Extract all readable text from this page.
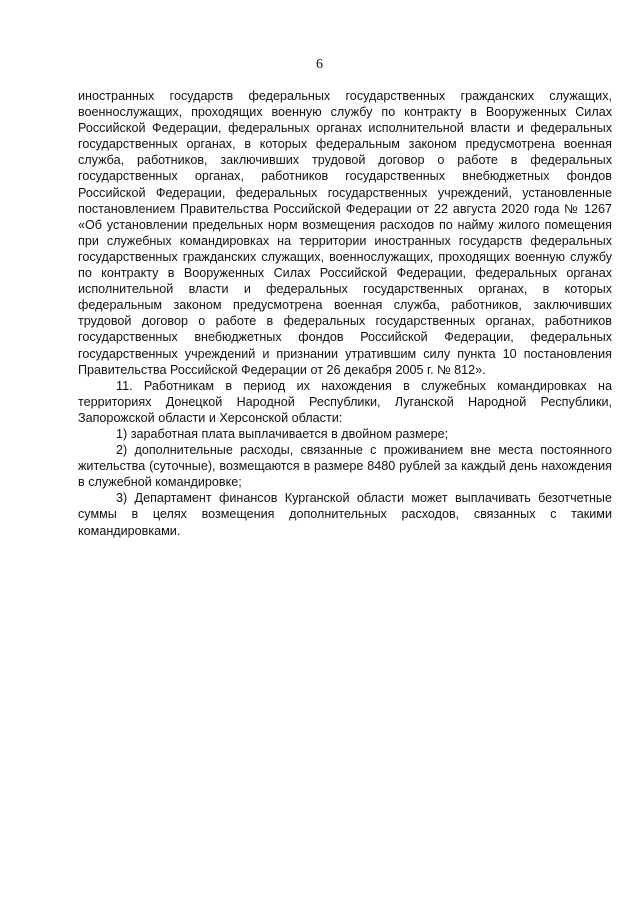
6

иностранных государств федеральных государственных гражданских служащих, военнослужащих, проходящих военную службу по контракту в Вооруженных Силах Российской Федерации, федеральных органах исполнительной власти и федеральных государственных органах, в которых федеральным законом предусмотрена военная служба, работников, заключивших трудовой договор о работе в федеральных государственных органах, работников государственных внебюджетных фондов Российской Федерации, федеральных государственных учреждений, установленные постановлением Правительства Российской Федерации от 22 августа 2020 года № 1267 «Об установлении предельных норм возмещения расходов по найму жилого помещения при служебных командировках на территории иностранных государств федеральных государственных гражданских служащих, военнослужащих, проходящих военную службу по контракту в Вооруженных Силах Российской Федерации, федеральных органах исполнительной власти и федеральных государственных органах, в которых федеральным законом предусмотрена военная служба, работников, заключивших трудовой договор о работе в федеральных государственных органах, работников государственных внебюджетных фондов Российской Федерации, федеральных государственных учреждений и признании утратившим силу пункта 10 постановления Правительства Российской Федерации от 26 декабря 2005 г. № 812».

11. Работникам в период их нахождения в служебных командировках на территориях Донецкой Народной Республики, Луганской Народной Республики, Запорожской области и Херсонской области:

1) заработная плата выплачивается в двойном размере;

2) дополнительные расходы, связанные с проживанием вне места постоянного жительства (суточные), возмещаются в размере 8480 рублей за каждый день нахождения в служебной командировке;

3) Департамент финансов Курганской области может выплачивать безотчетные суммы в целях возмещения дополнительных расходов, связанных с такими командировками.
